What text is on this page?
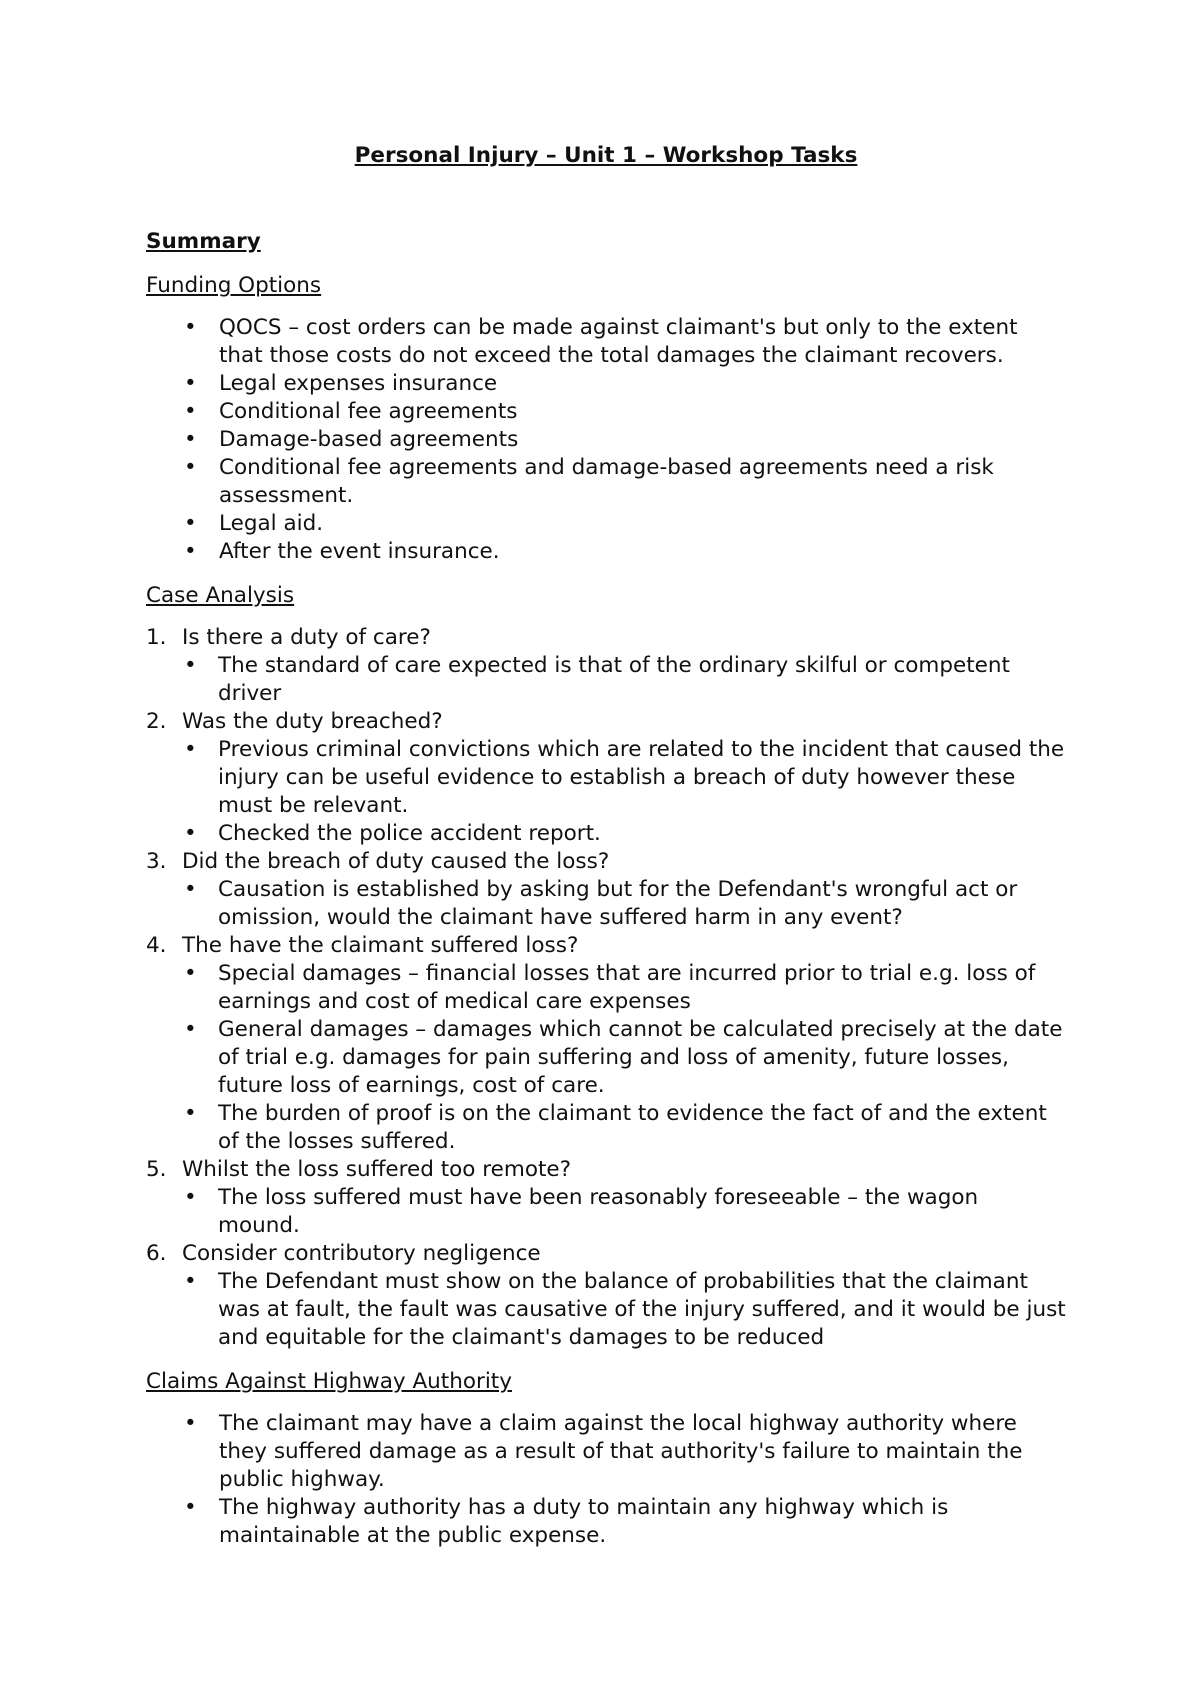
Personal Injury – Unit 1 – Workshop Tasks
Summary
Funding Options
• QOCS – cost orders can be made against claimant's but only to the extent that those costs do not exceed the total damages the claimant recovers.
• Legal expenses insurance
• Conditional fee agreements
• Damage-based agreements
• Conditional fee agreements and damage-based agreements need a risk assessment.
• Legal aid.
• After the event insurance.
Case Analysis
1. Is there a duty of care?
• The standard of care expected is that of the ordinary skilful or competent driver
2. Was the duty breached?
• Previous criminal convictions which are related to the incident that caused the injury can be useful evidence to establish a breach of duty however these must be relevant.
• Checked the police accident report.
3. Did the breach of duty caused the loss?
• Causation is established by asking but for the Defendant's wrongful act or omission, would the claimant have suffered harm in any event?
4. The have the claimant suffered loss?
• Special damages – financial losses that are incurred prior to trial e.g. loss of earnings and cost of medical care expenses
• General damages – damages which cannot be calculated precisely at the date of trial e.g. damages for pain suffering and loss of amenity, future losses, future loss of earnings, cost of care.
• The burden of proof is on the claimant to evidence the fact of and the extent of the losses suffered.
5. Whilst the loss suffered too remote?
• The loss suffered must have been reasonably foreseeable – the wagon mound.
6. Consider contributory negligence
• The Defendant must show on the balance of probabilities that the claimant was at fault, the fault was causative of the injury suffered, and it would be just and equitable for the claimant's damages to be reduced
Claims Against Highway Authority
• The claimant may have a claim against the local highway authority where they suffered damage as a result of that authority's failure to maintain the public highway.
• The highway authority has a duty to maintain any highway which is maintainable at the public expense.
